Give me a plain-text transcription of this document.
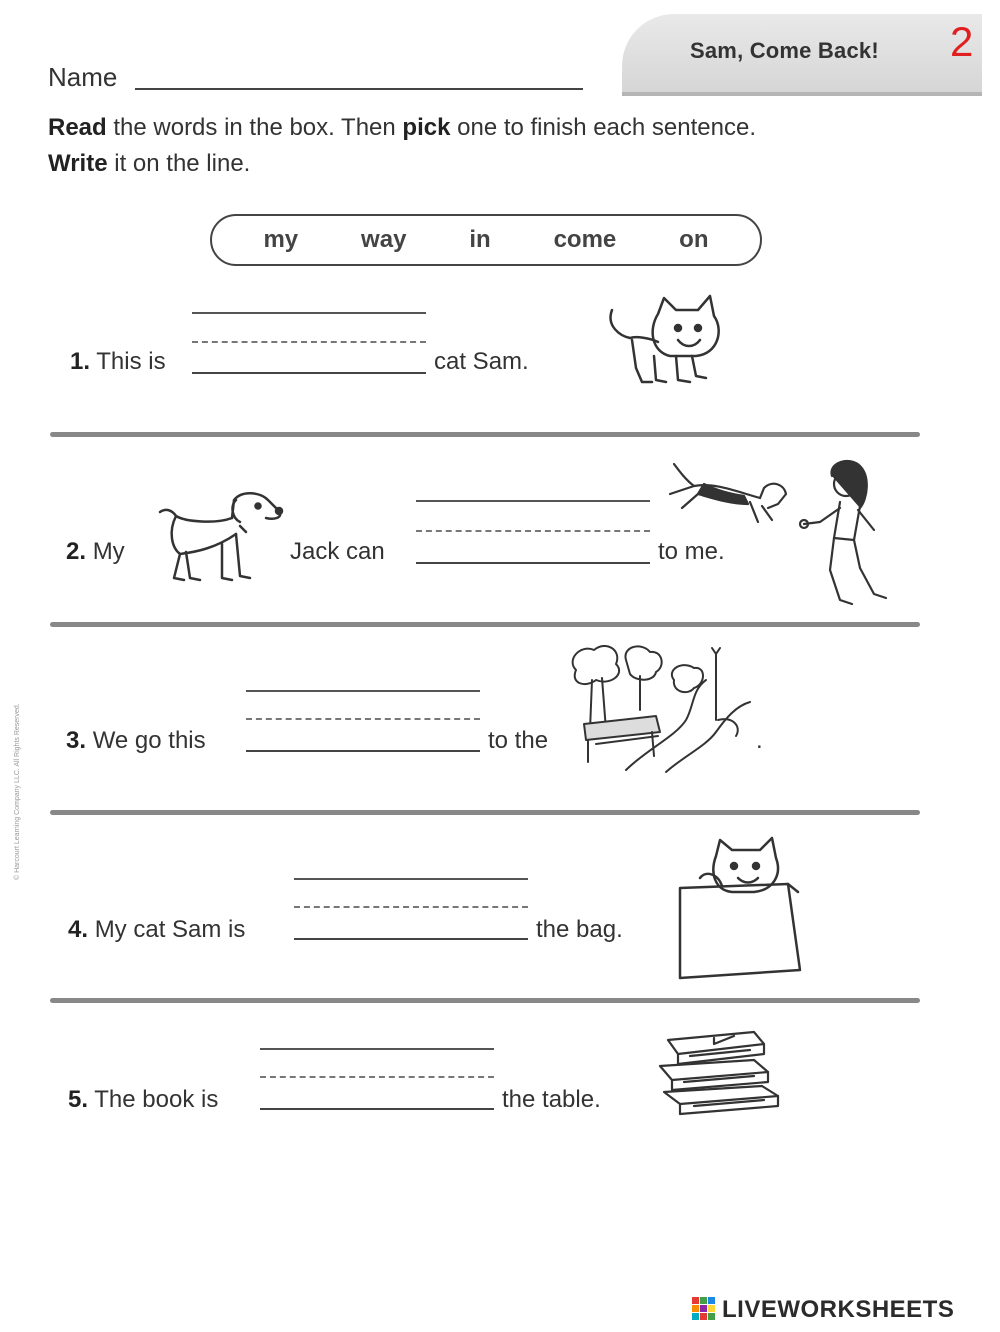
Sam, Come Back! 2
Name
Read the words in the box. Then pick one to finish each sentence.
Write it on the line.
my	way	in	come	on
1. This is	cat Sam.
2. My	Jack can	to me.
3. We go this	to the	.
4. My cat Sam is	the bag.
5. The book is	the table.
© Harcourt Learning Company LLC. All Rights Reserved.
LIVEWORKSHEETS
